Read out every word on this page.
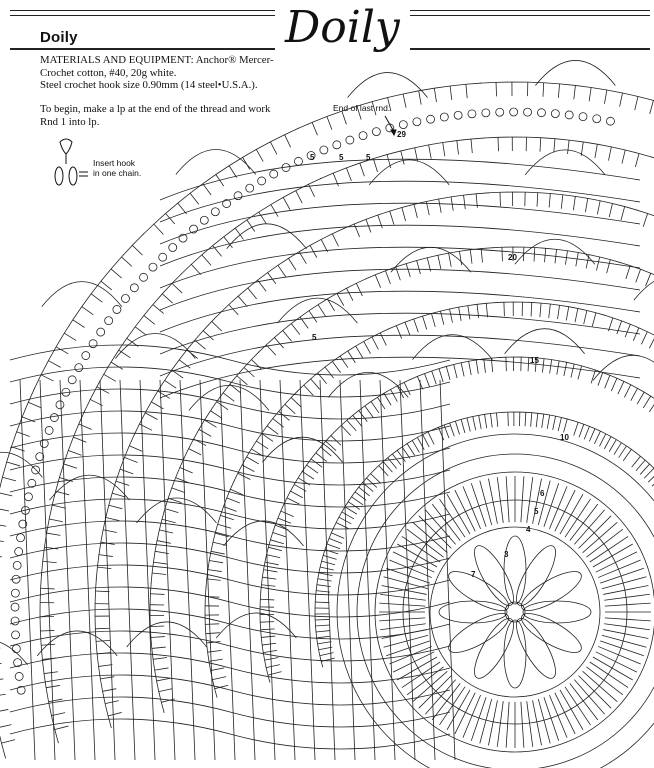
Doily	Doily
MATERIALS AND EQUIPMENT: Anchor® Mercer-
Crochet cotton, #40, 20g white.
Steel crochet hook size 0.90mm (14 steel•U.S.A.).
To begin, make a lp at the end of the thread and work
Rnd 1 into lp.
End of last rnd.
Insert hook
in one chain.
29
20
15
10
6
5
4
3
7
5	5	5
5
